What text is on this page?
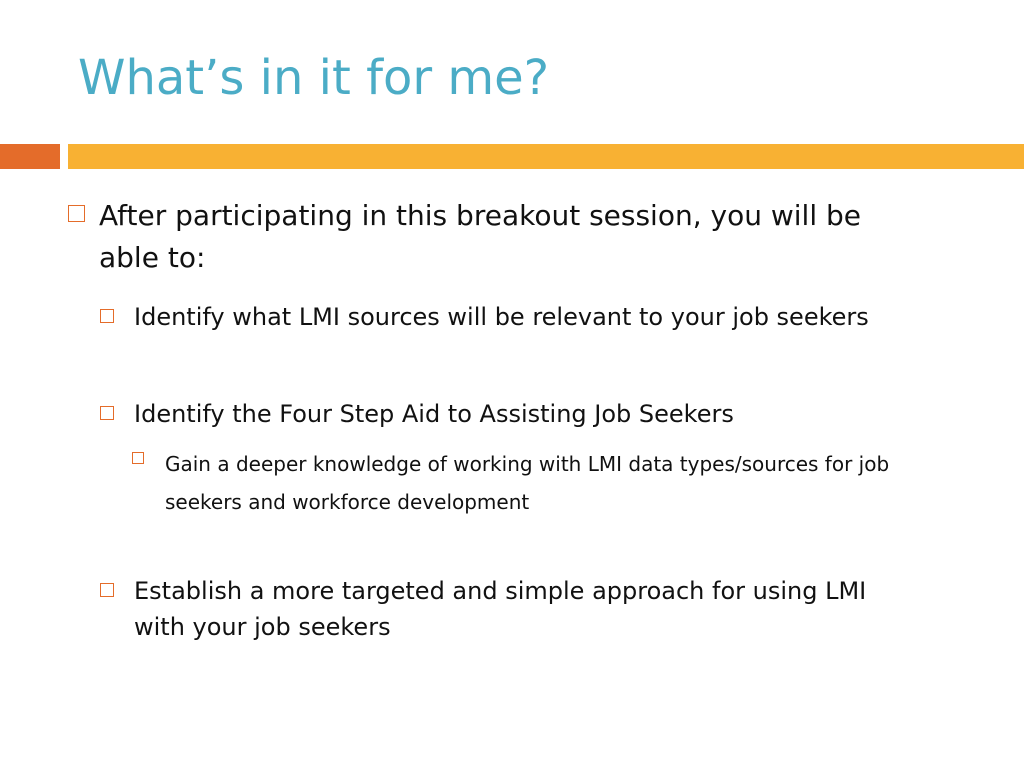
What’s in it for me?
After participating in this breakout session, you will be able to:
Identify what LMI sources will be relevant to your job seekers
Identify the Four Step Aid to Assisting Job Seekers
Gain a deeper knowledge of working with LMI data types/sources for job seekers and workforce development
Establish a more targeted and simple approach for using LMI with your job seekers
